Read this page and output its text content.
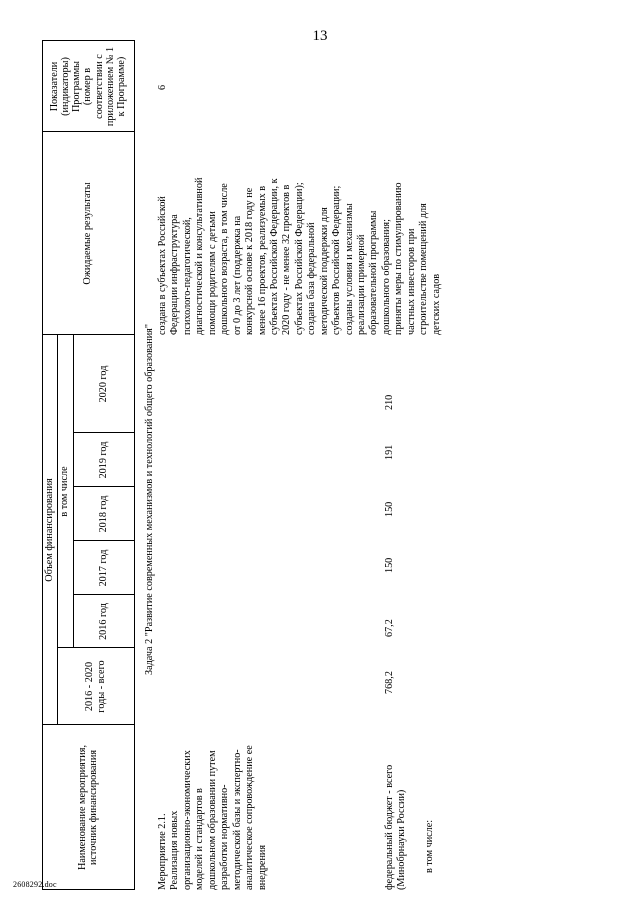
13
Наименование мероприятия,
источник финансирования
Объем финансирования
2016 - 2020
годы - всего
в том числе
2016 год
2017 год
2018 год
2019 год
2020 год
Ожидаемые результаты
Показатели
(индикаторы)
Программы
(номер в
соответствии с
приложением № 1
к Программе)
Задача 2 "Развитие современных механизмов и технологий общего образования"
Мероприятие 2.1.
Реализация новых
организационно-экономических
моделей и стандартов в
дошкольном образовании путем
разработки нормативно-
методической базы и экспертно-
аналитическое сопровождение ее
внедрения
создана в субъектах Российской
Федерации инфраструктура
психолого-педагогической,
диагностической и консультативной
помощи родителям с детьми
дошкольного возраста, в том числе
от 0 до 3 лет (поддержка на
конкурсной основе к 2018 году не
менее 16 проектов, реализуемых в
субъектах Российской Федерации, к
2020 году - не менее 32 проектов в
субъектах Российской Федерации);
создана база федеральной
методической поддержки для
субъектов Российской Федерации;
созданы условия и механизмы
реализации примерной
образовательной программы
дошкольного образования;
приняты меры по стимулированию
частных инвесторов при
строительстве помещений для
детских садов
6
федеральный бюджет - всего
(Минобрнауки России)
768,2
67,2
150
150
191
210
в том числе:
2608292.doc
